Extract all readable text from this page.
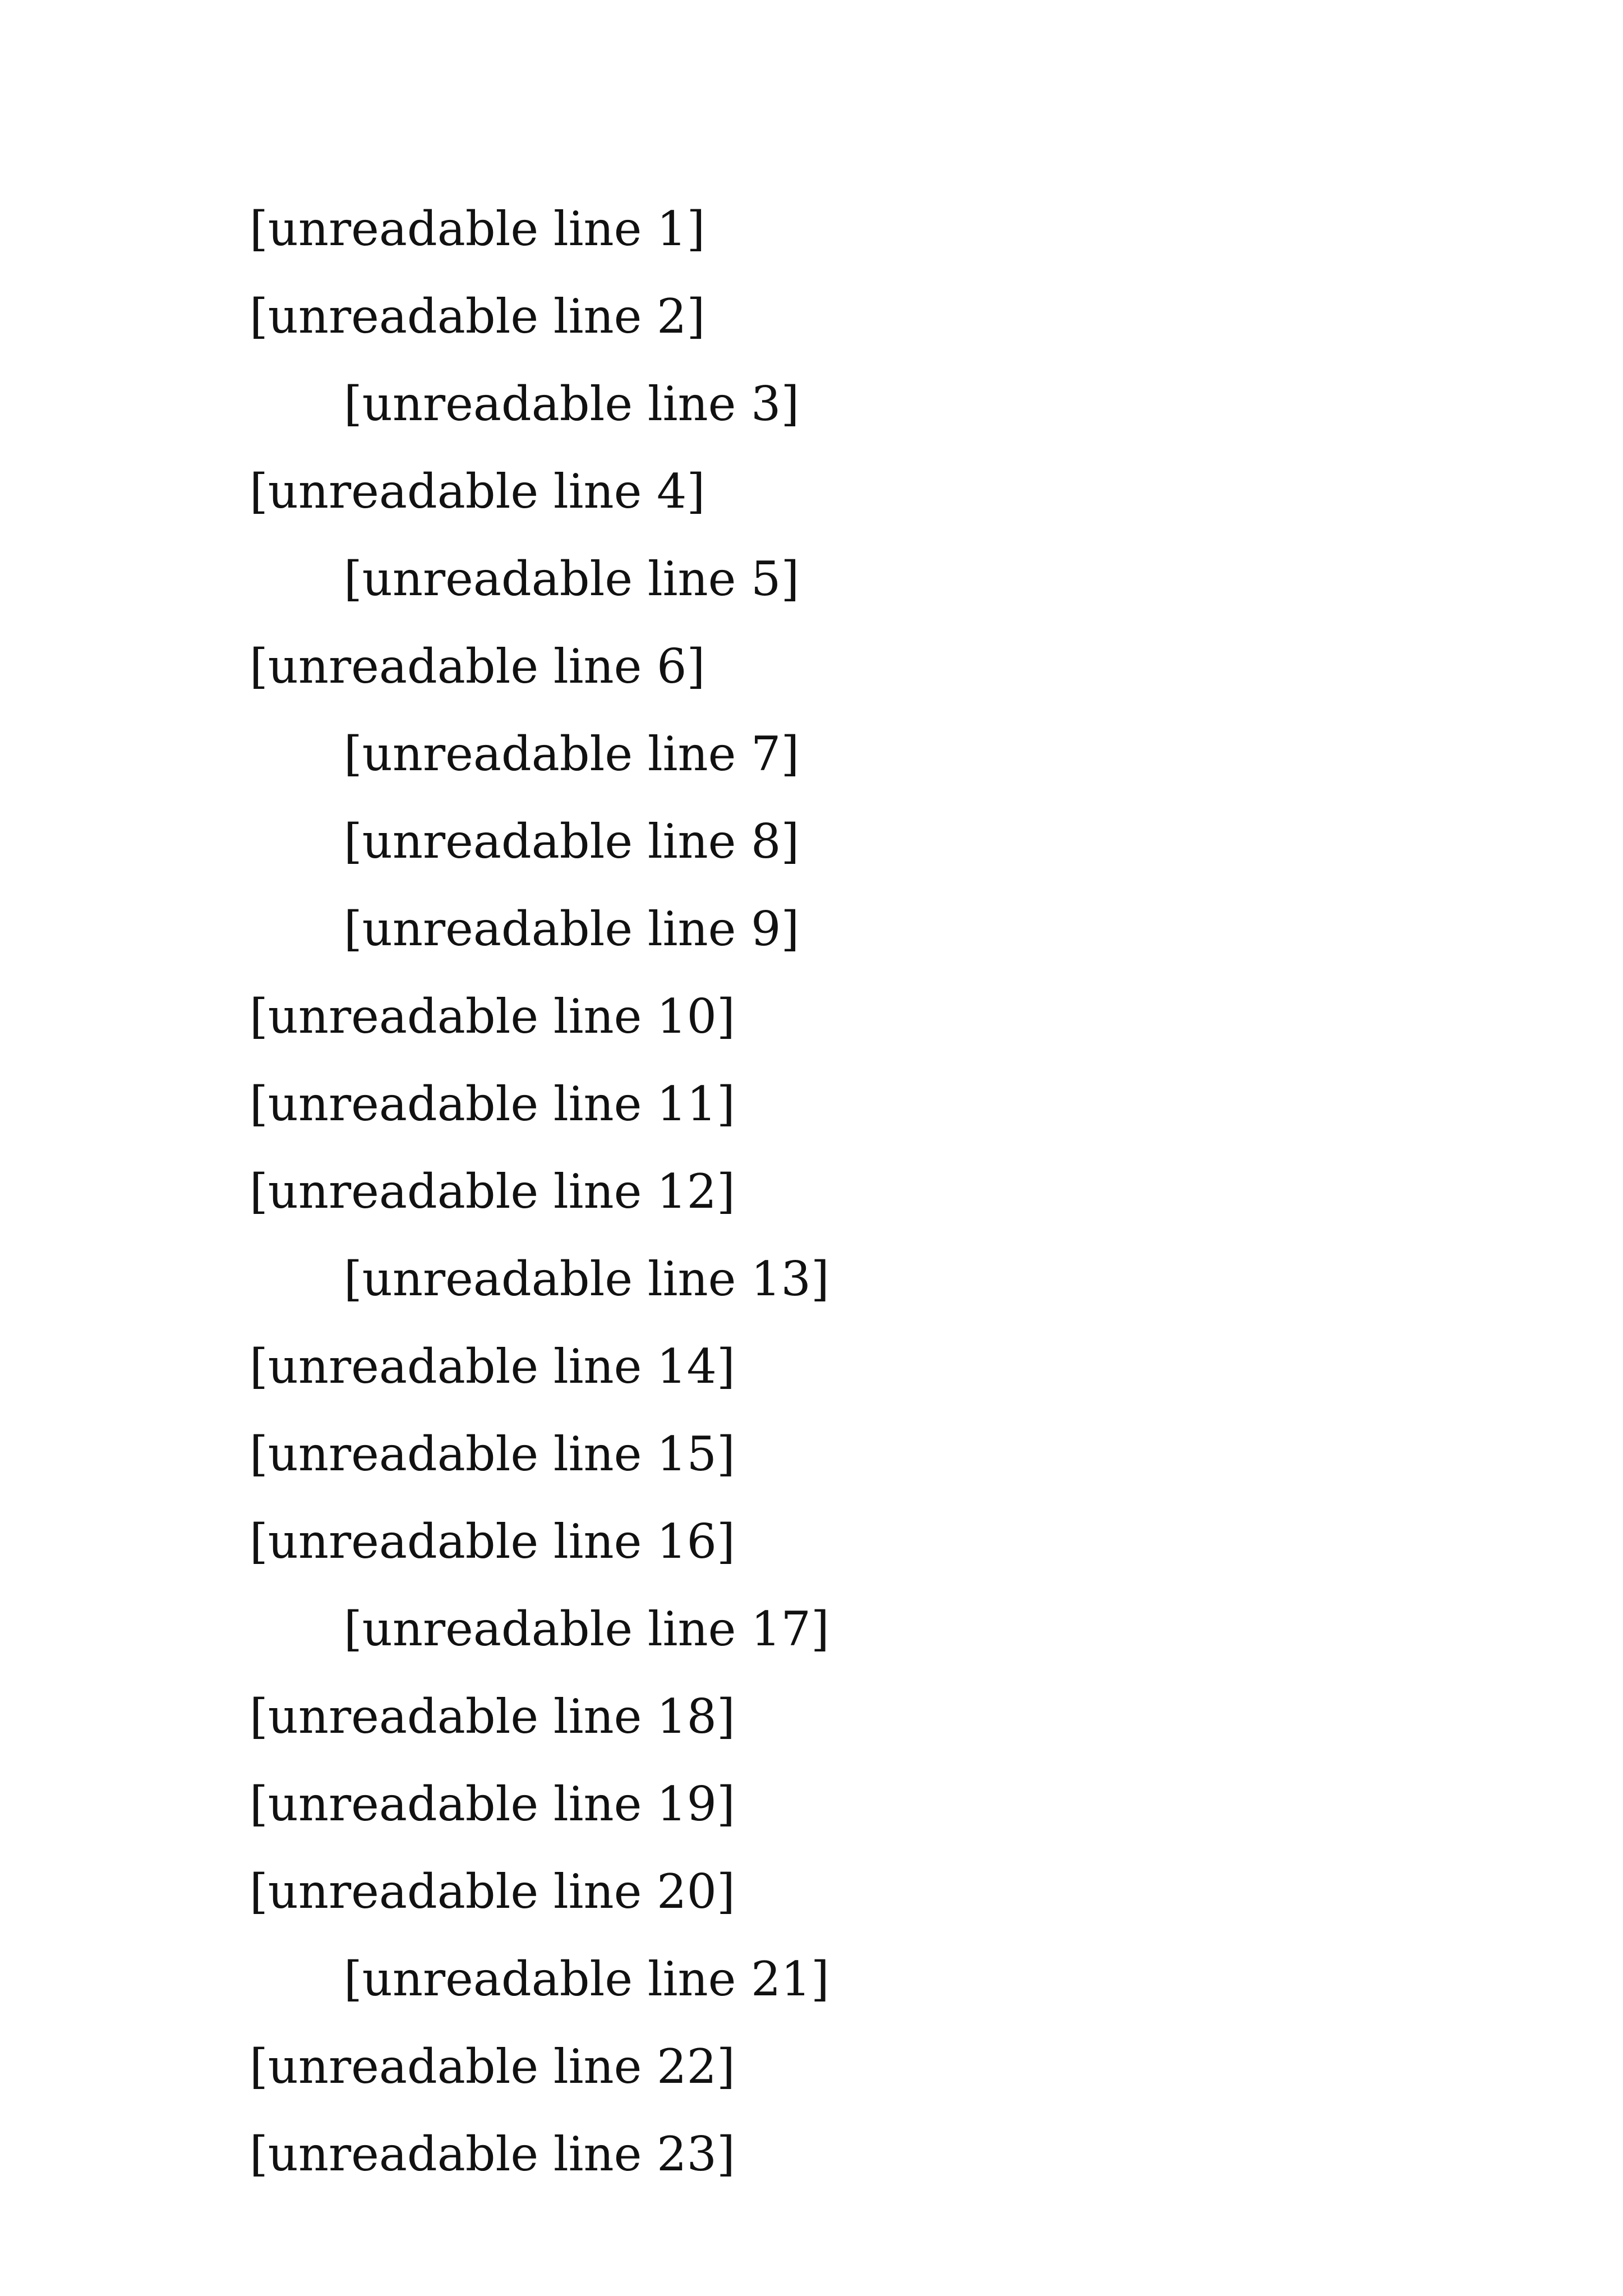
[unreadable line 1]
[unreadable line 2]
[unreadable line 3]
[unreadable line 4]
[unreadable line 5]
[unreadable line 6]
[unreadable line 7]
[unreadable line 8]
[unreadable line 9]
[unreadable line 10]
[unreadable line 11]
[unreadable line 12]
[unreadable line 13]
[unreadable line 14]
[unreadable line 15]
[unreadable line 16]
[unreadable line 17]
[unreadable line 18]
[unreadable line 19]
[unreadable line 20]
[unreadable line 21]
[unreadable line 22]
[unreadable line 23]
